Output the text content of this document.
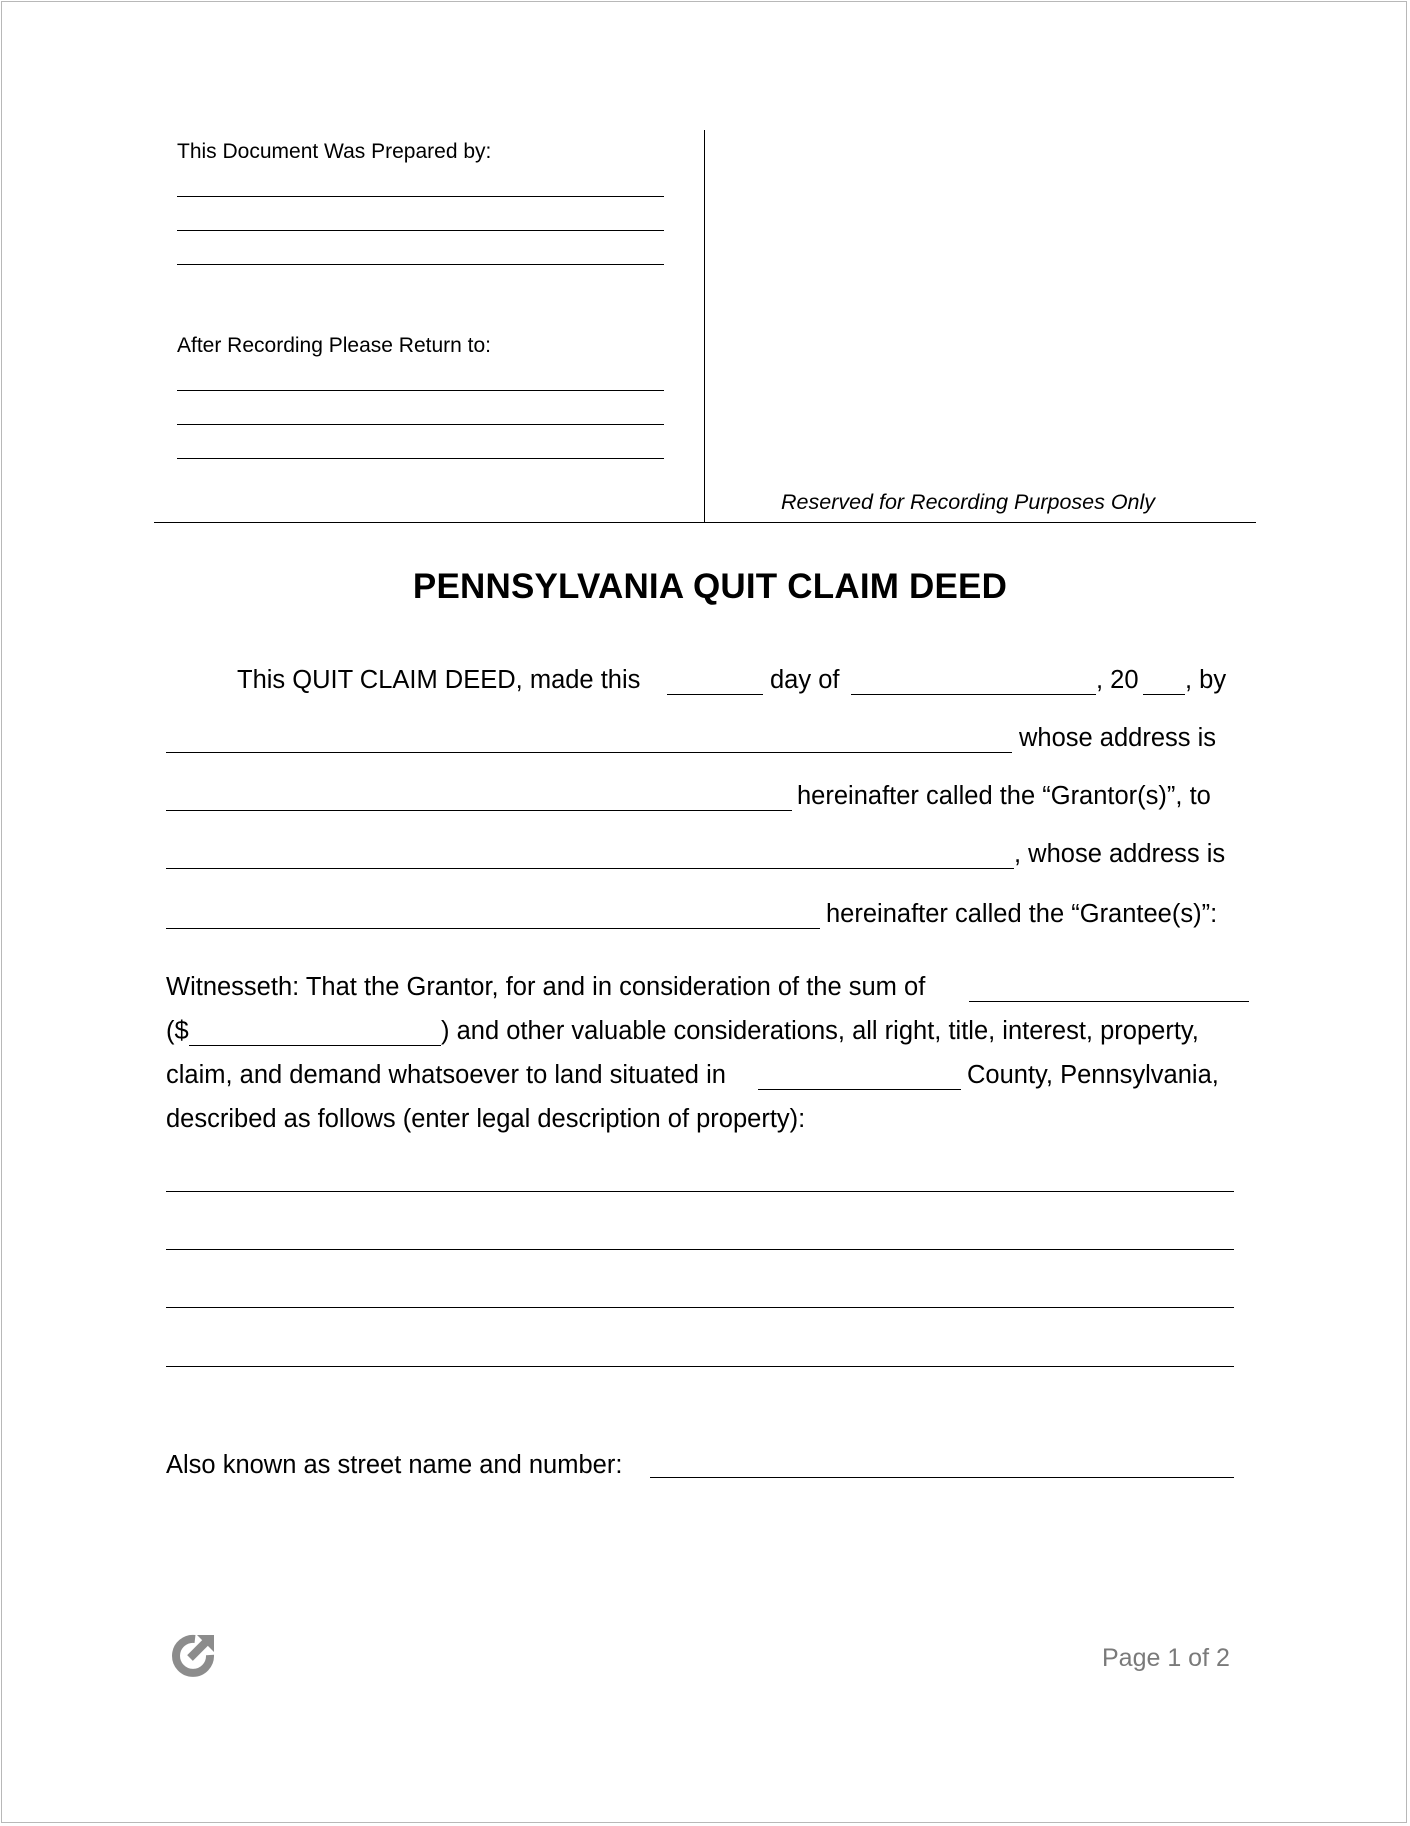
This Document Was Prepared by:
After Recording Please Return to:
Reserved for Recording Purposes Only
PENNSYLVANIA QUIT CLAIM DEED
This QUIT CLAIM DEED, made this	day of	, 20 , by
whose address is
hereinafter called the “Grantor(s)”, to
, whose address is
hereinafter called the “Grantee(s)”:
Witnesseth: That the Grantor, for and in consideration of the sum of
($	) and other valuable considerations, all right, title, interest, property,
claim, and demand whatsoever to land situated in	County, Pennsylvania,
described as follows (enter legal description of property):
Also known as street name and number:
Page 1 of 2
